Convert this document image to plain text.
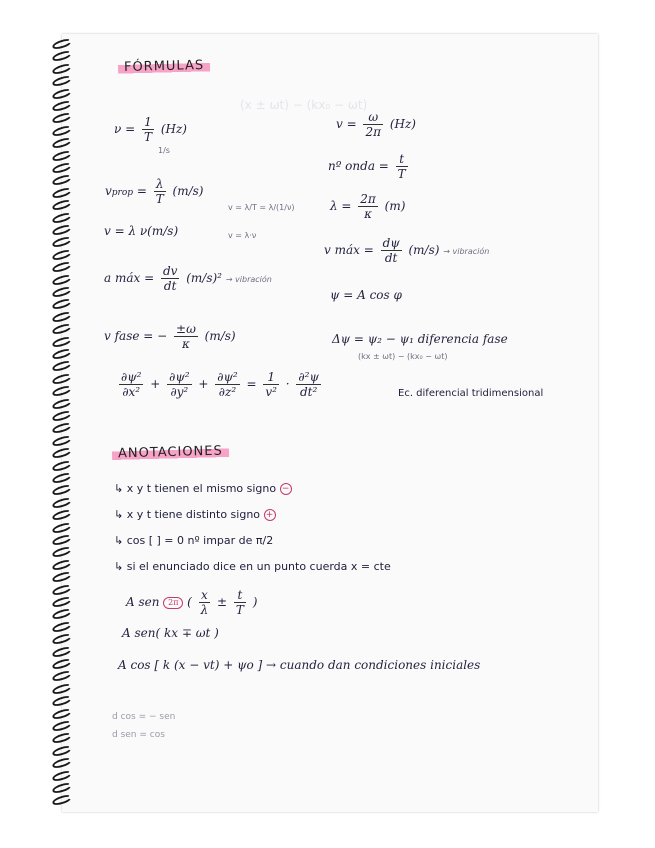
(x ± ωt) − (kx₀ − ωt)
FÓRMULAS
$\nu = \frac{1}{T} (Hz)$
1/s
vprop = $\frac{\lambda}{T} (m/s)$
v = λ ν(m/s)
v = λ/T = λ/(1/ν)
v = λ·ν
a máx = $\frac{dv}{dt} (m/s)^2$ → vibración
v fase = − $\frac{\pm\omega}{\kappa} (m/s)$
$v = \frac{\omega}{2\pi} (Hz)$
nº onda = $\frac{t}{T}$
$\lambda = \frac{2\pi}{\kappa} (m)$
v máx = $\frac{d\psi}{dt} (m/s)$ → vibración
ψ = A cos φ
Δψ = ψ₂ − ψ₁ diferencia fase
(kx ± ωt) − (kx₀ − ωt)
$\frac{\text{∂ψ²}}{\text{∂x²}} + \frac{\text{∂ψ²}}{\text{∂y²}} + \frac{\text{∂ψ²}}{\text{∂z²}} = \frac{1}{\text{v²}} \cdot \frac{\text{∂²ψ}}{\text{dt²}}$	Ec. diferencial tridimensional
ANOTACIONES
↳ x y t tienen el mismo signo −
↳ x y t tiene distinto signo +
↳ cos [ ] = 0 nº impar de π/2
↳ si el enunciado dice en un punto cuerda x = cte
A sen 2π ( $\frac{x}{\lambda} \pm \frac{t}{T}$ )
A sen( kx ∓ ωt )
A cos [ k (x − vt) + ψo ] → cuando dan condiciones iniciales
d cos = − sen
d sen = cos
